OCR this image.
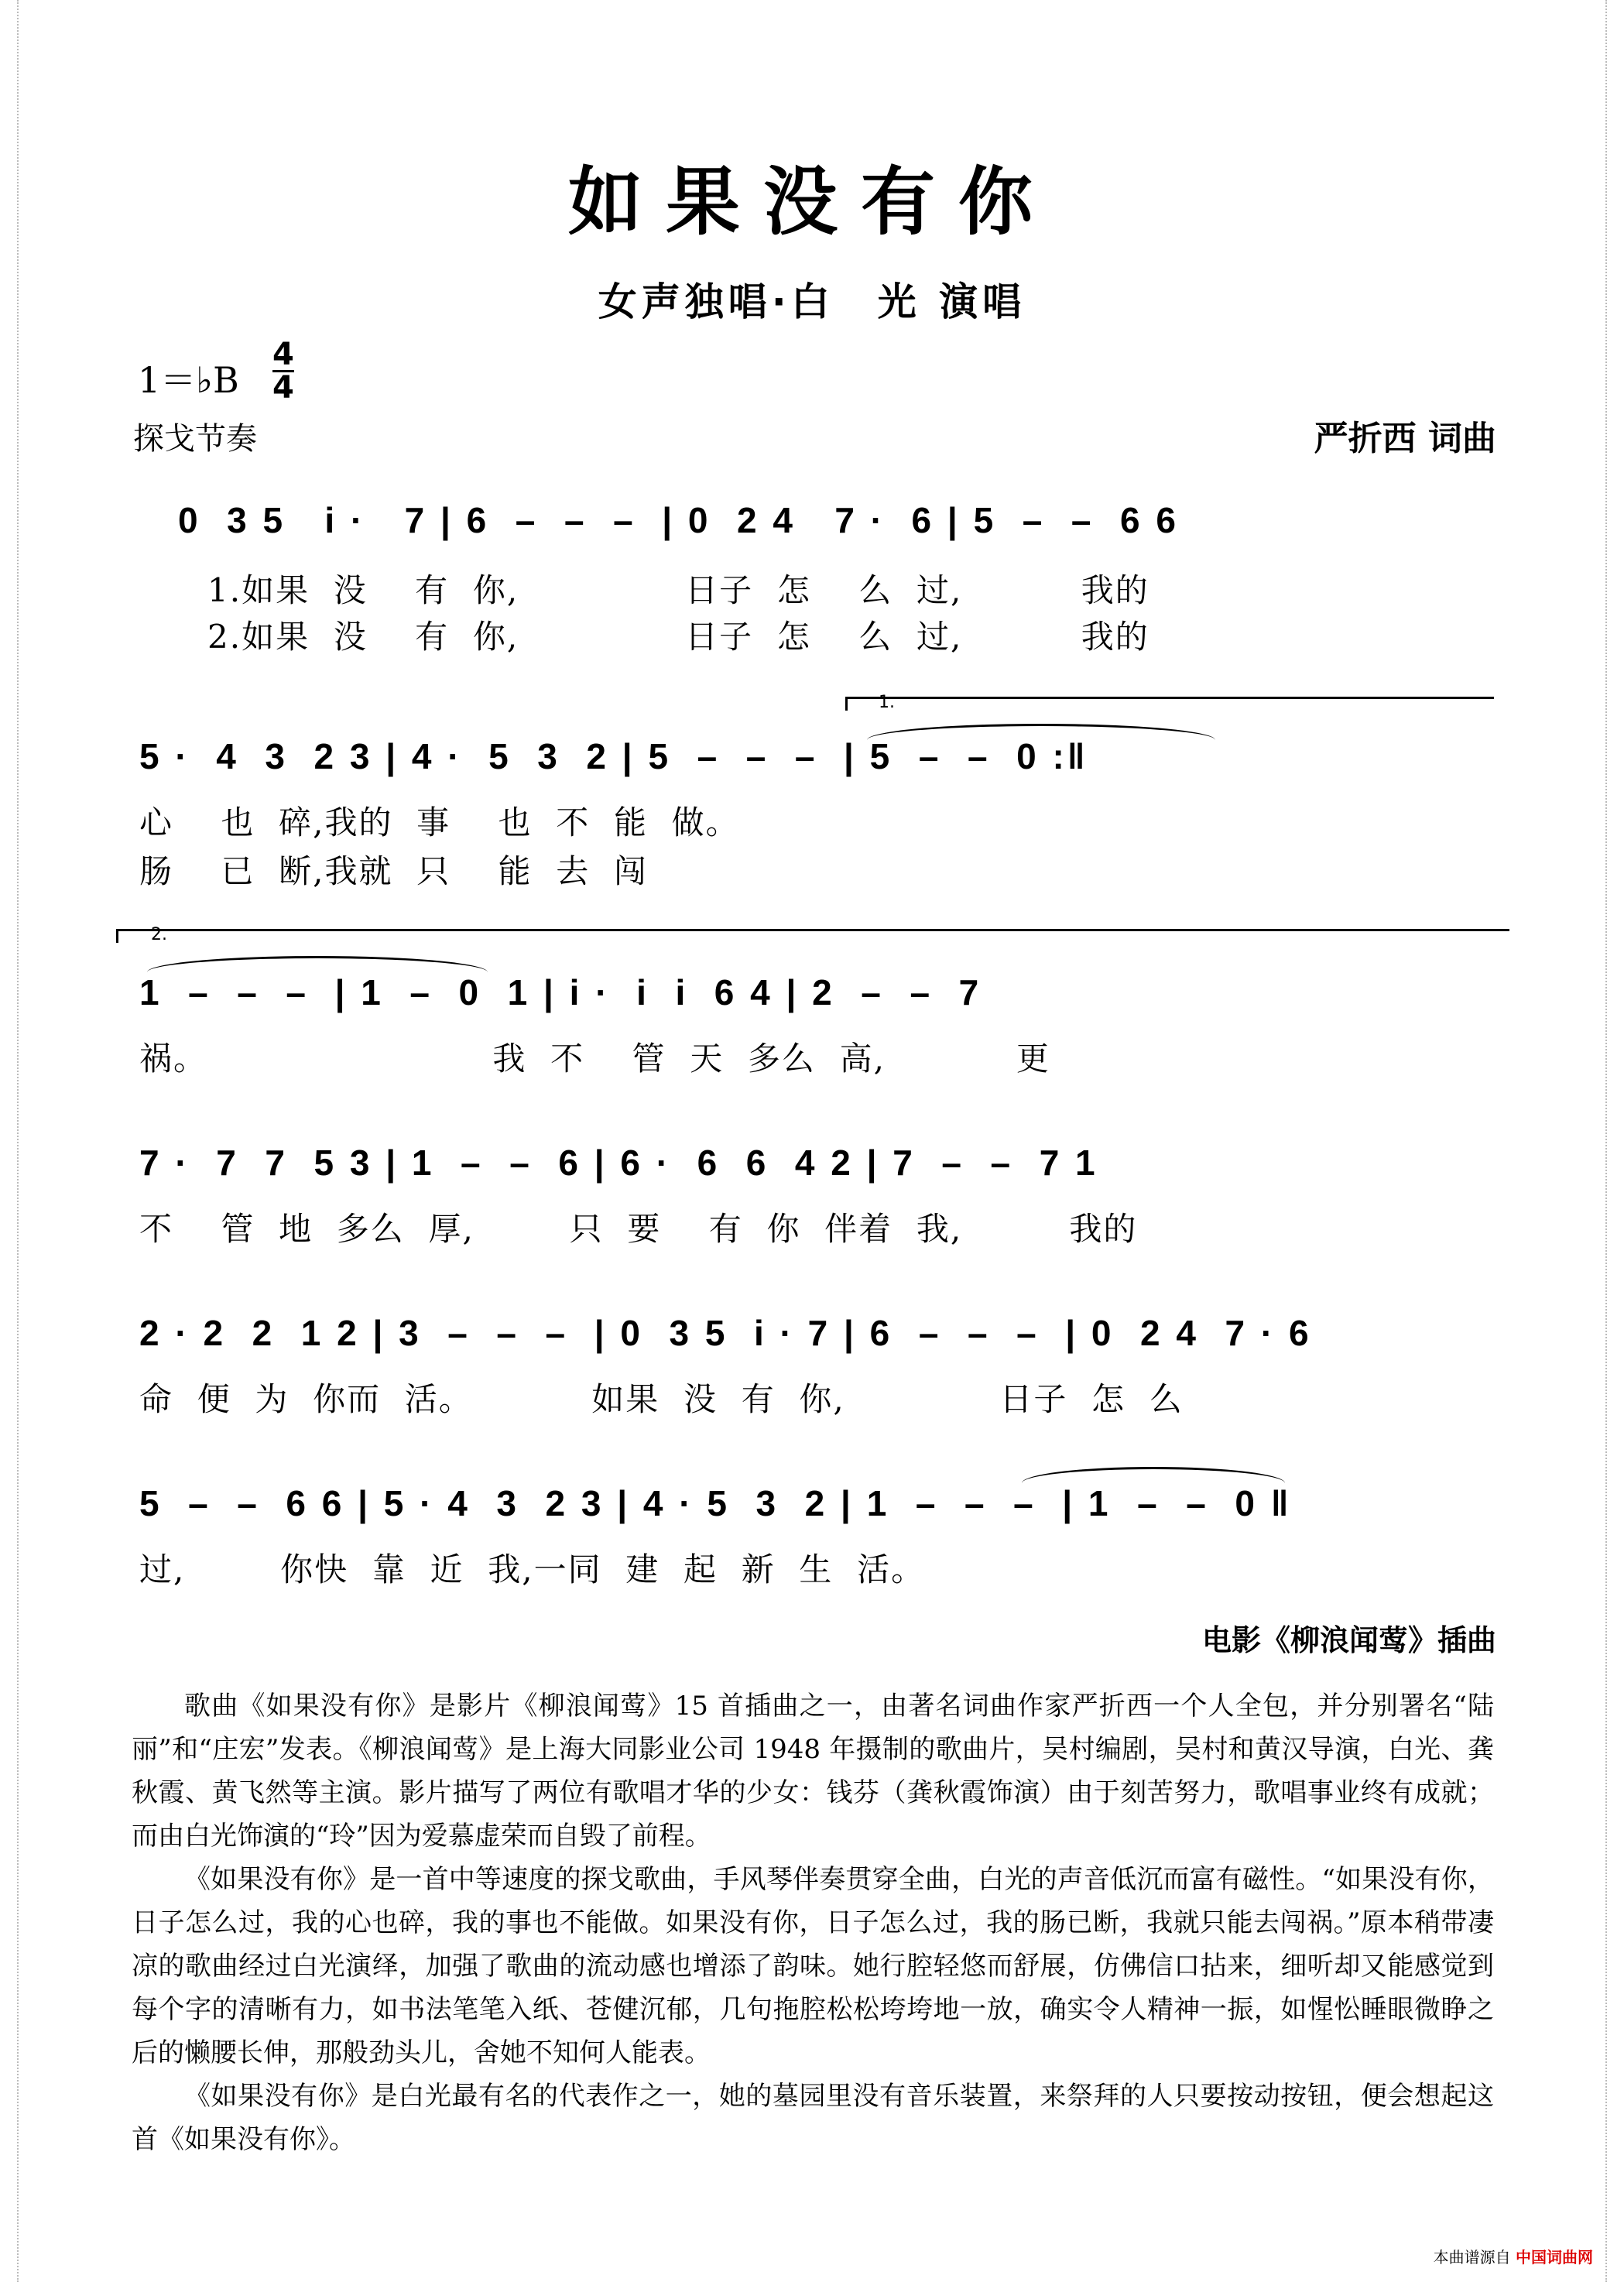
如果没有你
女声独唱·白　光 演唱
1＝♭B
4
4
探戈节奏	严折西 词曲
0  3 5   i ·   7 | 6  –  –  –  | 0  2 4   7 ·  6 | 5  –  –  6 6
1.如果  没    有  你,              日子  怎    么  过,          我的
2.如果  没    有  你,              日子  怎    么  过,          我的
1.
5 ·  4  3  2 3 | 4 ·  5  3  2 | 5  –  –  –  | 5  –  –  0 :‖
心    也  碎,我的  事    也  不  能  做。
肠    已  断,我就  只    能  去  闯
2.
1  –  –  –  | 1  –  0  1 | i ·  i  i  6 4 | 2  –  –  7
祸。                        我  不    管  天  多么  高,           更
7 ·  7  7  5 3 | 1  –  –  6 | 6 ·  6  6  4 2 | 7  –  –  7 1
不    管  地  多么  厚,        只  要    有  你  伴着  我,         我的
2 · 2  2  1 2 | 3  –  –  –  | 0  3 5  i · 7 | 6  –  –  –  | 0  2 4  7 · 6
命  便  为  你而  活。          如果  没  有  你,             日子  怎  么
5  –  –  6 6 | 5 · 4  3  2 3 | 4 · 5  3  2 | 1  –  –  –  | 1  –  –  0 ‖
过,        你快  靠  近  我,一同  建  起  新  生  活。
电影《柳浪闻莺》插曲

歌曲《如果没有你》是影片《柳浪闻莺》15 首插曲之一，由著名词曲作家严折西一个人全包，并分别署名“陆丽”和“庄宏”发表。《柳浪闻莺》是上海大同影业公司 1948 年摄制的歌曲片，吴村编剧，吴村和黄汉导演，白光、龚秋霞、黄飞然等主演。影片描写了两位有歌唱才华的少女：钱芬（龚秋霞饰演）由于刻苦努力，歌唱事业终有成就；而由白光饰演的“玲”因为爱慕虚荣而自毁了前程。

《如果没有你》是一首中等速度的探戈歌曲，手风琴伴奏贯穿全曲，白光的声音低沉而富有磁性。“如果没有你，日子怎么过，我的心也碎，我的事也不能做。如果没有你，日子怎么过，我的肠已断，我就只能去闯祸。”原本稍带凄凉的歌曲经过白光演绎，加强了歌曲的流动感也增添了韵味。她行腔轻悠而舒展，仿佛信口拈来，细听却又能感觉到每个字的清晰有力，如书法笔笔入纸、苍健沉郁，几句拖腔松松垮垮地一放，确实令人精神一振，如惺忪睡眼微睁之后的懒腰长伸，那般劲头儿，舍她不知何人能表。

《如果没有你》是白光最有名的代表作之一，她的墓园里没有音乐装置，来祭拜的人只要按动按钮，便会想起这首《如果没有你》。

本曲谱源自 中国词曲网
